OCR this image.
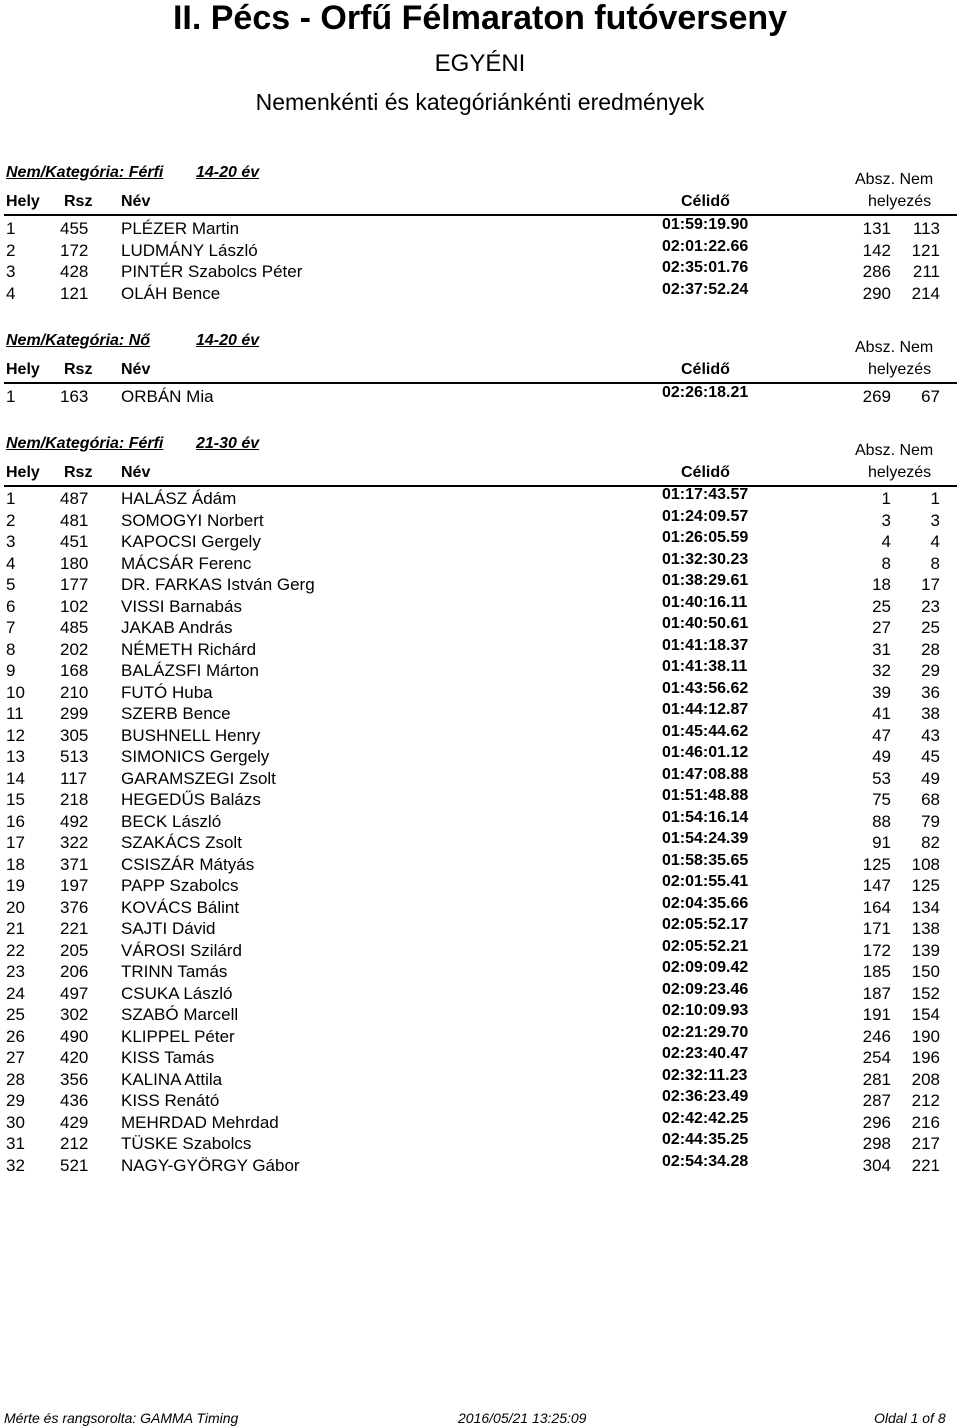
II. Pécs - Orfű Félmaraton futóverseny
EGYÉNI
Nemenkénti és kategóriánkénti eredmények
Nem/Kategória: Férfi 14-20 év	Absz. Nem
Hely Rsz Név	Célidő	helyezés
1	455	PLÉZER Martin	01:59:19.90	131	113
2	172	LUDMÁNY László	02:01:22.66	142	121
3	428	PINTÉR Szabolcs Péter	02:35:01.76	286	211
4	121	OLÁH Bence	02:37:52.24	290	214
Nem/Kategória: Nő	14-20 év	Absz. Nem
Hely Rsz Név	Célidő	helyezés
1	163	ORBÁN Mia	02:26:18.21	269	67
Nem/Kategória: Férfi 21-30 év	Absz. Nem
Hely Rsz Név	Célidő	helyezés
1	487	HALÁSZ Ádám	01:17:43.57	1	1
2	481	SOMOGYI Norbert	01:24:09.57	3	3
3	451	KAPOCSI Gergely	01:26:05.59	4	4
4	180	MÁCSÁR Ferenc	01:32:30.23	8	8
5	177	DR. FARKAS István Gerg	01:38:29.61	18	17
6	102	VISSI Barnabás	01:40:16.11	25	23
7	485	JAKAB András	01:40:50.61	27	25
8	202	NÉMETH Richárd	01:41:18.37	31	28
9	168	BALÁZSFI Márton	01:41:38.11	32	29
10	210	FUTÓ Huba	01:43:56.62	39	36
11	299	SZERB Bence	01:44:12.87	41	38
12	305	BUSHNELL Henry	01:45:44.62	47	43
13	513	SIMONICS Gergely	01:46:01.12	49	45
14	117	GARAMSZEGI Zsolt	01:47:08.88	53	49
15	218	HEGEDŰS Balázs	01:51:48.88	75	68
16	492	BECK László	01:54:16.14	88	79
17	322	SZAKÁCS Zsolt	01:54:24.39	91	82
18	371	CSISZÁR Mátyás	01:58:35.65	125	108
19	197	PAPP Szabolcs	02:01:55.41	147	125
20	376	KOVÁCS Bálint	02:04:35.66	164	134
21	221	SAJTI Dávid	02:05:52.17	171	138
22	205	VÁROSI Szilárd	02:05:52.21	172	139
23	206	TRINN Tamás	02:09:09.42	185	150
24	497	CSUKA László	02:09:23.46	187	152
25	302	SZABÓ Marcell	02:10:09.93	191	154
26	490	KLIPPEL Péter	02:21:29.70	246	190
27	420	KISS Tamás	02:23:40.47	254	196
28	356	KALINA Attila	02:32:11.23	281	208
29	436	KISS Renátó	02:36:23.49	287	212
30	429	MEHRDAD Mehrdad	02:42:42.25	296	216
31	212	TÜSKE Szabolcs	02:44:35.25	298	217
32	521	NAGY-GYÖRGY Gábor	02:54:34.28	304	221
Mérte és rangsorolta: GAMMA Timing	2016/05/21 13:25:09	Oldal 1 of 8
